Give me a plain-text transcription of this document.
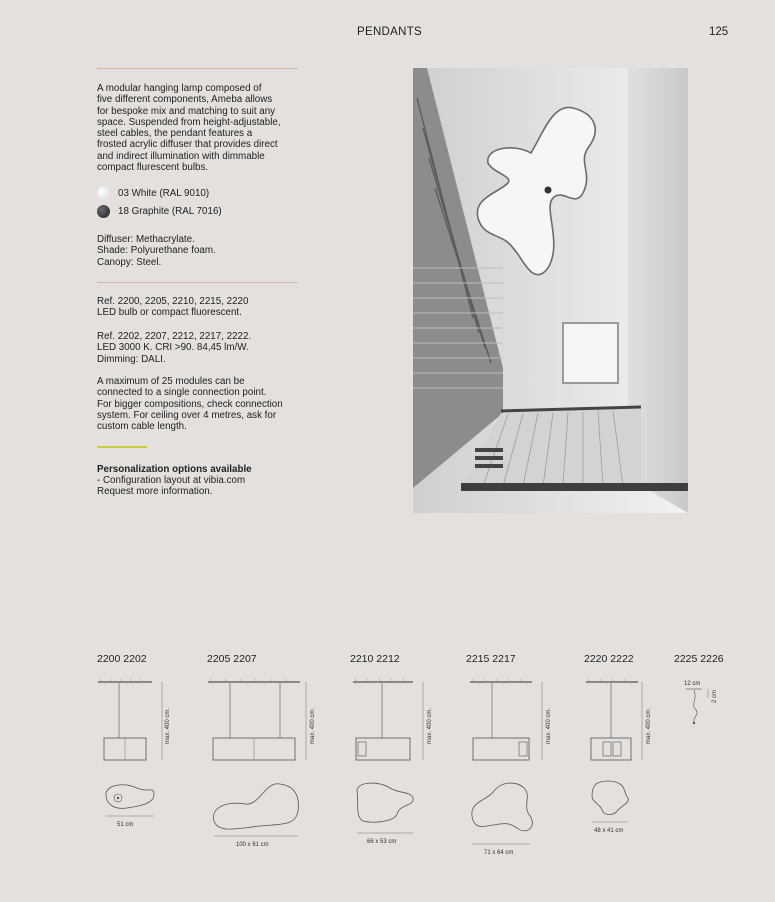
PENDANTS	125
A modular hanging lamp composed of
five different components, Ameba allows
for bespoke mix and matching to suit any
space. Suspended from height-adjustable,
steel cables, the pendant features a
frosted acrylic diffuser that provides direct
and indirect illumination with dimmable
compact flurescent bulbs.
03 White (RAL 9010)
18 Graphite (RAL 7016)
Diffuser: Methacrylate.
Shade: Polyurethane foam.
Canopy: Steel.
Ref. 2200, 2205, 2210, 2215, 2220
LED bulb or compact fluorescent.
Ref. 2202, 2207, 2212, 2217, 2222.
LED 3000 K. CRI >90. 84,45 lm/W.
Dimming: DALI.
A maximum of 25 modules can be
connected to a single connection point.
For bigger compositions, check connection
system. For ceiling over 4 metres, ask for
custom cable length.
Personalization options available
- Configuration layout at vibia.com
Request more information.
2200 2202	2205 2207	2210 2212	2215 2217	2220 2222	2225 2226
max. 400 cm.
51 cm
max. 400 cm.
100 x 61 cm
max. 400 cm.
66 x 53 cm
max. 400 cm.
71 x 64 cm
max. 400 cm.
48 x 41 cm
12 cm
2 cm
